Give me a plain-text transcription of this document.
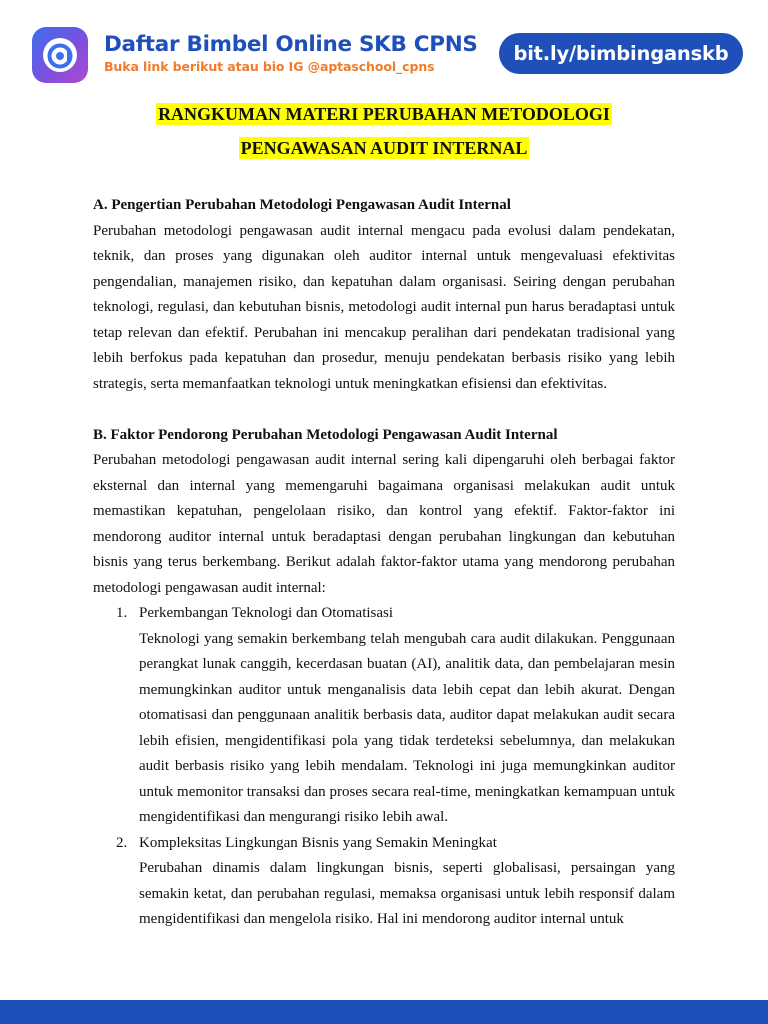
Daftar Bimbel Online SKB CPNS
Buka link berikut atau bio IG @aptaschool_cpns
bit.ly/bimbinganskb
RANGKUMAN MATERI PERUBAHAN METODOLOGI
PENGAWASAN AUDIT INTERNAL

A. Pengertian Perubahan Metodologi Pengawasan Audit Internal

Perubahan metodologi pengawasan audit internal mengacu pada evolusi dalam pendekatan, teknik, dan proses yang digunakan oleh auditor internal untuk mengevaluasi efektivitas pengendalian, manajemen risiko, dan kepatuhan dalam organisasi. Seiring dengan perubahan teknologi, regulasi, dan kebutuhan bisnis, metodologi audit internal pun harus beradaptasi untuk tetap relevan dan efektif. Perubahan ini mencakup peralihan dari pendekatan tradisional yang lebih berfokus pada kepatuhan dan prosedur, menuju pendekatan berbasis risiko yang lebih strategis, serta memanfaatkan teknologi untuk meningkatkan efisiensi dan efektivitas.

B. Faktor Pendorong Perubahan Metodologi Pengawasan Audit Internal

Perubahan metodologi pengawasan audit internal sering kali dipengaruhi oleh berbagai faktor eksternal dan internal yang memengaruhi bagaimana organisasi melakukan audit untuk memastikan kepatuhan, pengelolaan risiko, dan kontrol yang efektif. Faktor-faktor ini mendorong auditor internal untuk beradaptasi dengan perubahan lingkungan dan kebutuhan bisnis yang terus berkembang. Berikut adalah faktor-faktor utama yang mendorong perubahan metodologi pengawasan audit internal:

1. Perkembangan Teknologi dan Otomatisasi

Teknologi yang semakin berkembang telah mengubah cara audit dilakukan. Penggunaan perangkat lunak canggih, kecerdasan buatan (AI), analitik data, dan pembelajaran mesin memungkinkan auditor untuk menganalisis data lebih cepat dan lebih akurat. Dengan otomatisasi dan penggunaan analitik berbasis data, auditor dapat melakukan audit secara lebih efisien, mengidentifikasi pola yang tidak terdeteksi sebelumnya, dan melakukan audit berbasis risiko yang lebih mendalam. Teknologi ini juga memungkinkan auditor untuk memonitor transaksi dan proses secara real-time, meningkatkan kemampuan untuk mengidentifikasi dan mengurangi risiko lebih awal.

2. Kompleksitas Lingkungan Bisnis yang Semakin Meningkat

Perubahan dinamis dalam lingkungan bisnis, seperti globalisasi, persaingan yang semakin ketat, dan perubahan regulasi, memaksa organisasi untuk lebih responsif dalam mengidentifikasi dan mengelola risiko. Hal ini mendorong auditor internal untuk
